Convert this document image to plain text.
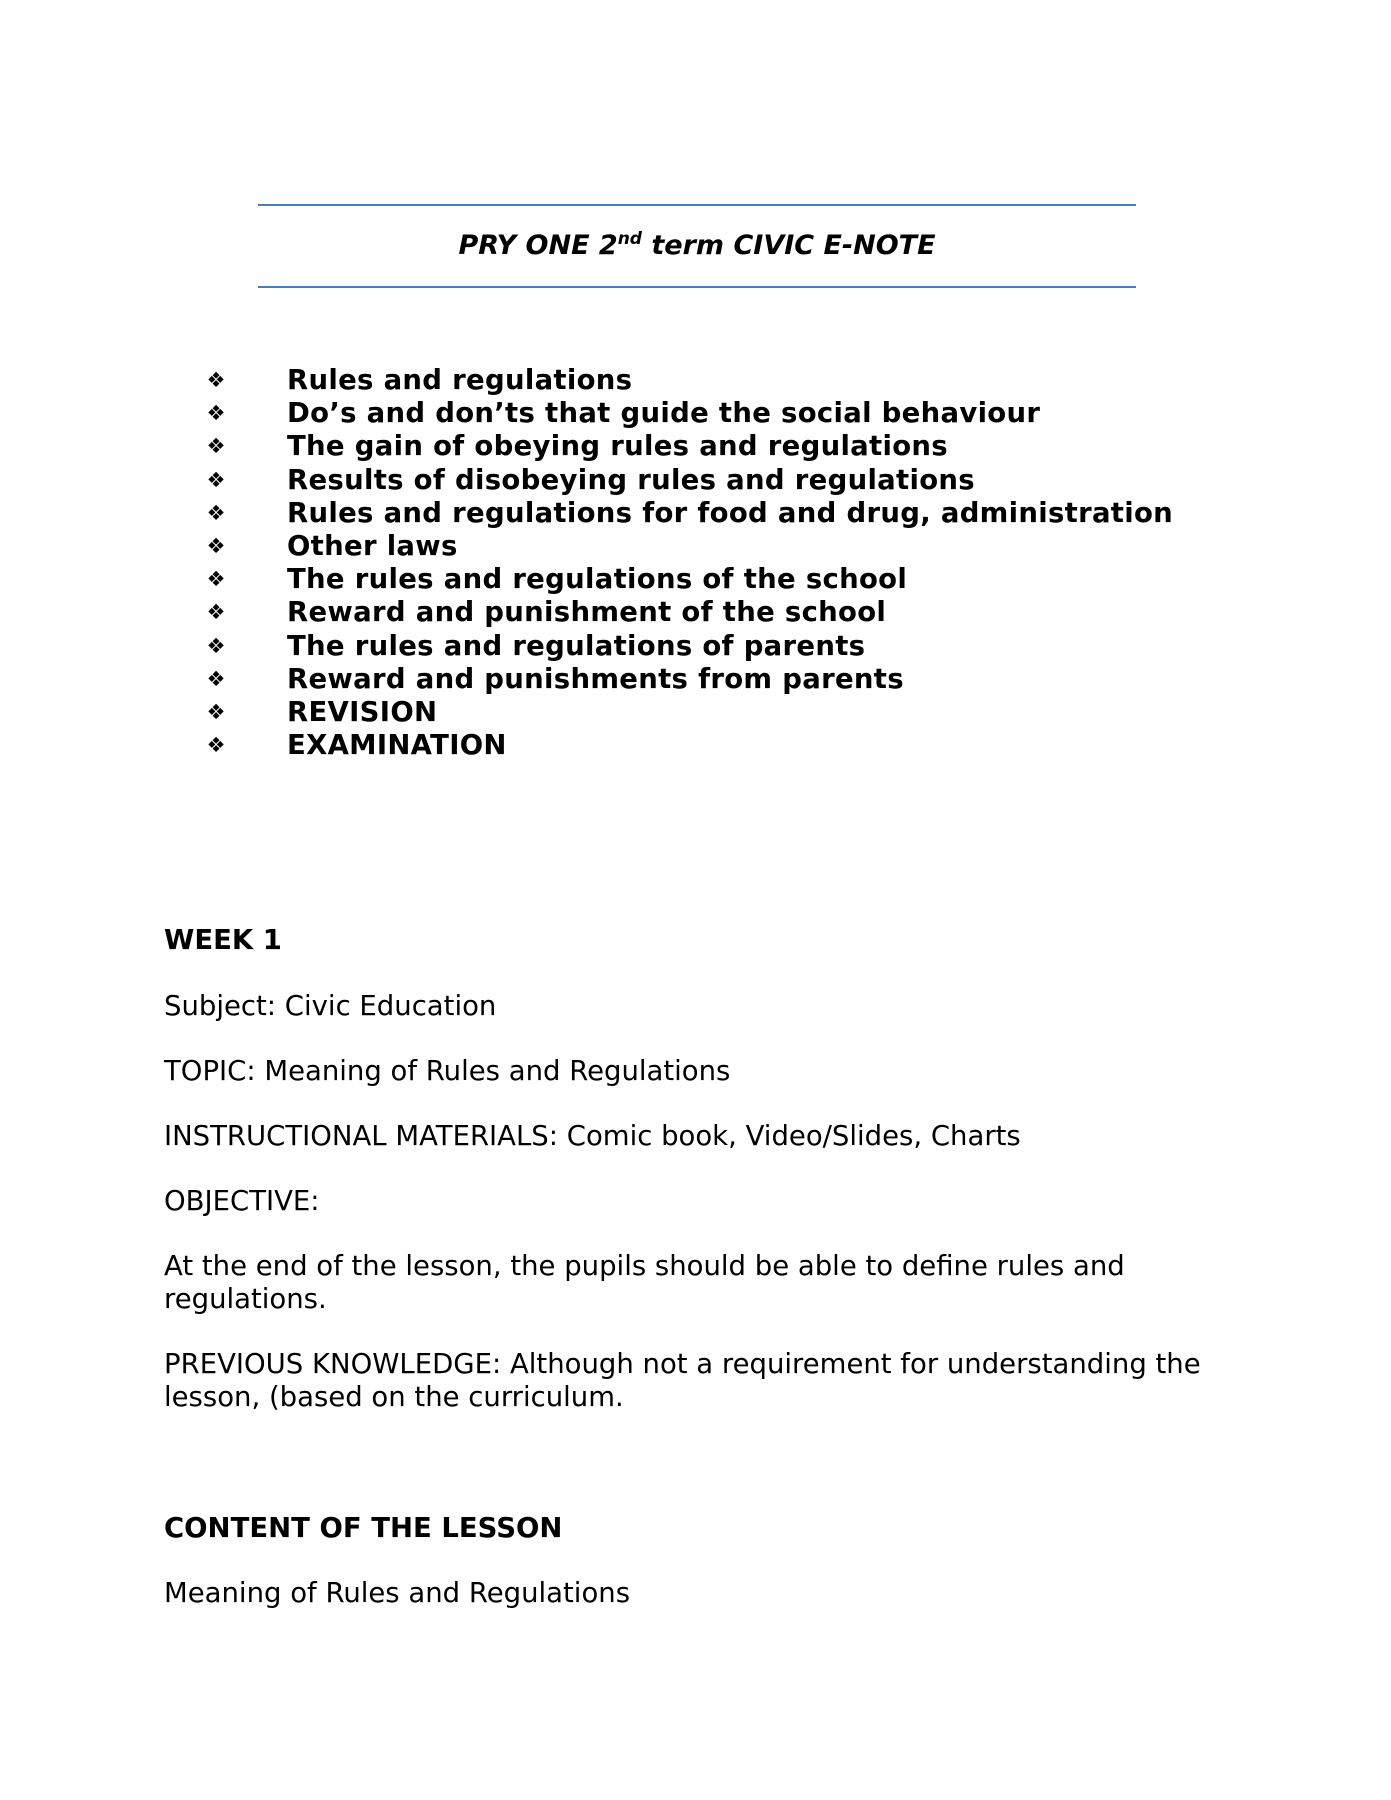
PRY ONE 2nd term CIVIC E-NOTE
❖ Rules and regulations
❖ Do’s and don’ts that guide the social behaviour
❖ The gain of obeying rules and regulations
❖ Results of disobeying rules and regulations
❖ Rules and regulations for food and drug, administration
❖ Other laws
❖ The rules and regulations of the school
❖ Reward and punishment of the school
❖ The rules and regulations of parents
❖ Reward and punishments from parents
❖ REVISION
❖ EXAMINATION
WEEK 1
Subject: Civic Education
TOPIC: Meaning of Rules and Regulations
INSTRUCTIONAL MATERIALS: Comic book, Video/Slides, Charts
OBJECTIVE:
At the end of the lesson, the pupils should be able to define rules and
regulations.
PREVIOUS KNOWLEDGE: Although not a requirement for understanding the
lesson, (based on the curriculum.
CONTENT OF THE LESSON
Meaning of Rules and Regulations
